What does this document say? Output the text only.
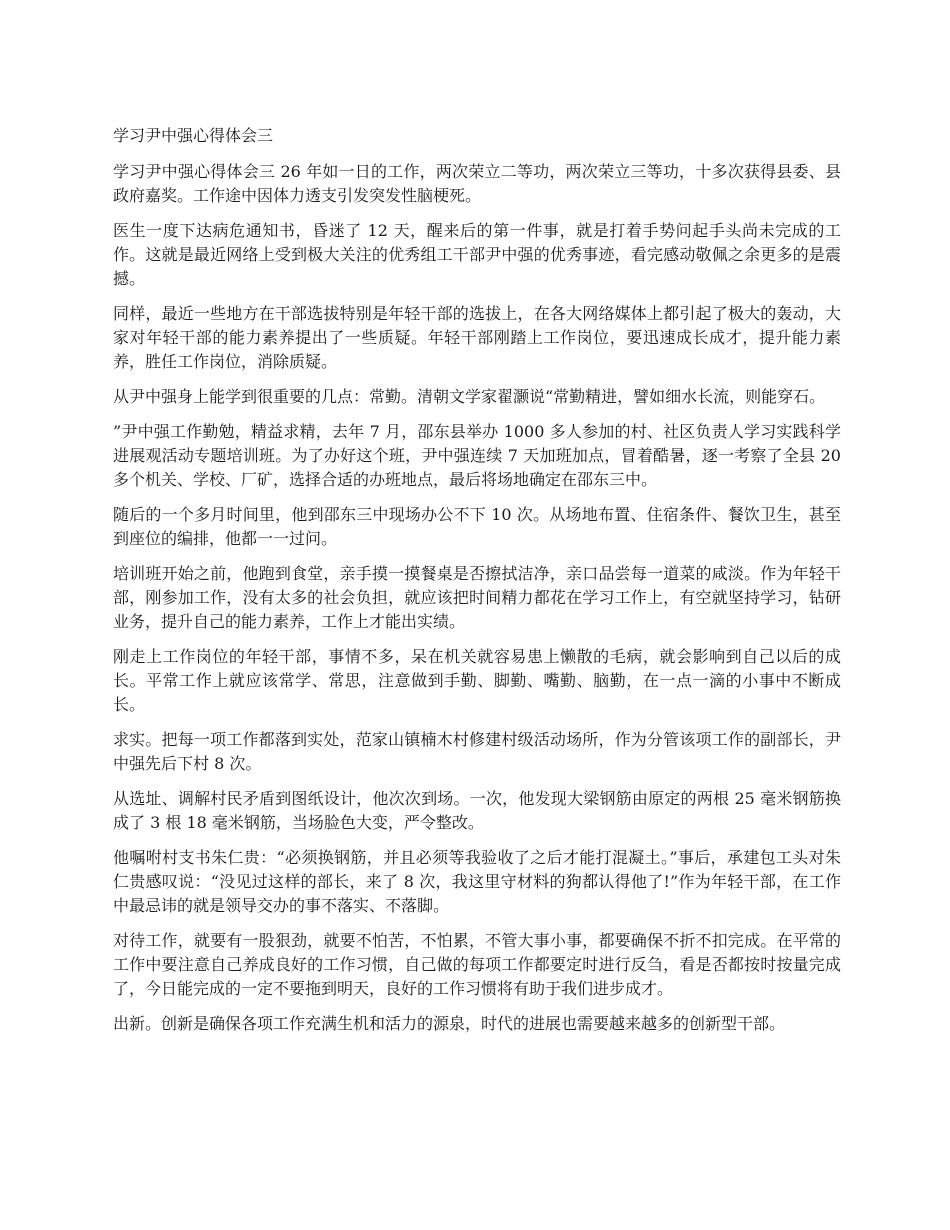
学习尹中强心得体会三

学习尹中强心得体会三 26 年如一日的工作，两次荣立二等功，两次荣立三等功，十多次获得县委、县政府嘉奖。工作途中因体力透支引发突发性脑梗死。

医生一度下达病危通知书，昏迷了 12 天，醒来后的第一件事，就是打着手势问起手头尚未完成的工作。这就是最近网络上受到极大关注的优秀组工干部尹中强的优秀事迹，看完感动敬佩之余更多的是震撼。

同样，最近一些地方在干部选拔特别是年轻干部的选拔上，在各大网络媒体上都引起了极大的轰动，大家对年轻干部的能力素养提出了一些质疑。年轻干部刚踏上工作岗位，要迅速成长成才，提升能力素养，胜任工作岗位，消除质疑。

从尹中强身上能学到很重要的几点：常勤。清朝文学家翟灏说“常勤精进，譬如细水长流，则能穿石。

”尹中强工作勤勉，精益求精，去年 7 月，邵东县举办 1000 多人参加的村、社区负责人学习实践科学进展观活动专题培训班。为了办好这个班，尹中强连续 7 天加班加点，冒着酷暑，逐一考察了全县 20 多个机关、学校、厂矿，选择合适的办班地点，最后将场地确定在邵东三中。

随后的一个多月时间里，他到邵东三中现场办公不下 10 次。从场地布置、住宿条件、餐饮卫生，甚至到座位的编排，他都一一过问。

培训班开始之前，他跑到食堂，亲手摸一摸餐桌是否擦拭洁净，亲口品尝每一道菜的咸淡。作为年轻干部，刚参加工作，没有太多的社会负担，就应该把时间精力都花在学习工作上，有空就坚持学习，钻研业务，提升自己的能力素养，工作上才能出实绩。

刚走上工作岗位的年轻干部，事情不多，呆在机关就容易患上懒散的毛病，就会影响到自己以后的成长。平常工作上就应该常学、常思，注意做到手勤、脚勤、嘴勤、脑勤，在一点一滴的小事中不断成长。

求实。把每一项工作都落到实处，范家山镇楠木村修建村级活动场所，作为分管该项工作的副部长，尹中强先后下村 8 次。

从选址、调解村民矛盾到图纸设计，他次次到场。一次，他发现大梁钢筋由原定的两根 25 毫米钢筋换成了 3 根 18 毫米钢筋，当场脸色大变，严令整改。

他嘱咐村支书朱仁贵：“必须换钢筋，并且必须等我验收了之后才能打混凝土。”事后，承建包工头对朱仁贵感叹说：“没见过这样的部长，来了 8 次，我这里守材料的狗都认得他了!”作为年轻干部，在工作中最忌讳的就是领导交办的事不落实、不落脚。

对待工作，就要有一股狠劲，就要不怕苦，不怕累，不管大事小事，都要确保不折不扣完成。在平常的工作中要注意自己养成良好的工作习惯，自己做的每项工作都要定时进行反刍，看是否都按时按量完成了，今日能完成的一定不要拖到明天，良好的工作习惯将有助于我们进步成才。

出新。创新是确保各项工作充满生机和活力的源泉，时代的进展也需要越来越多的创新型干部。
